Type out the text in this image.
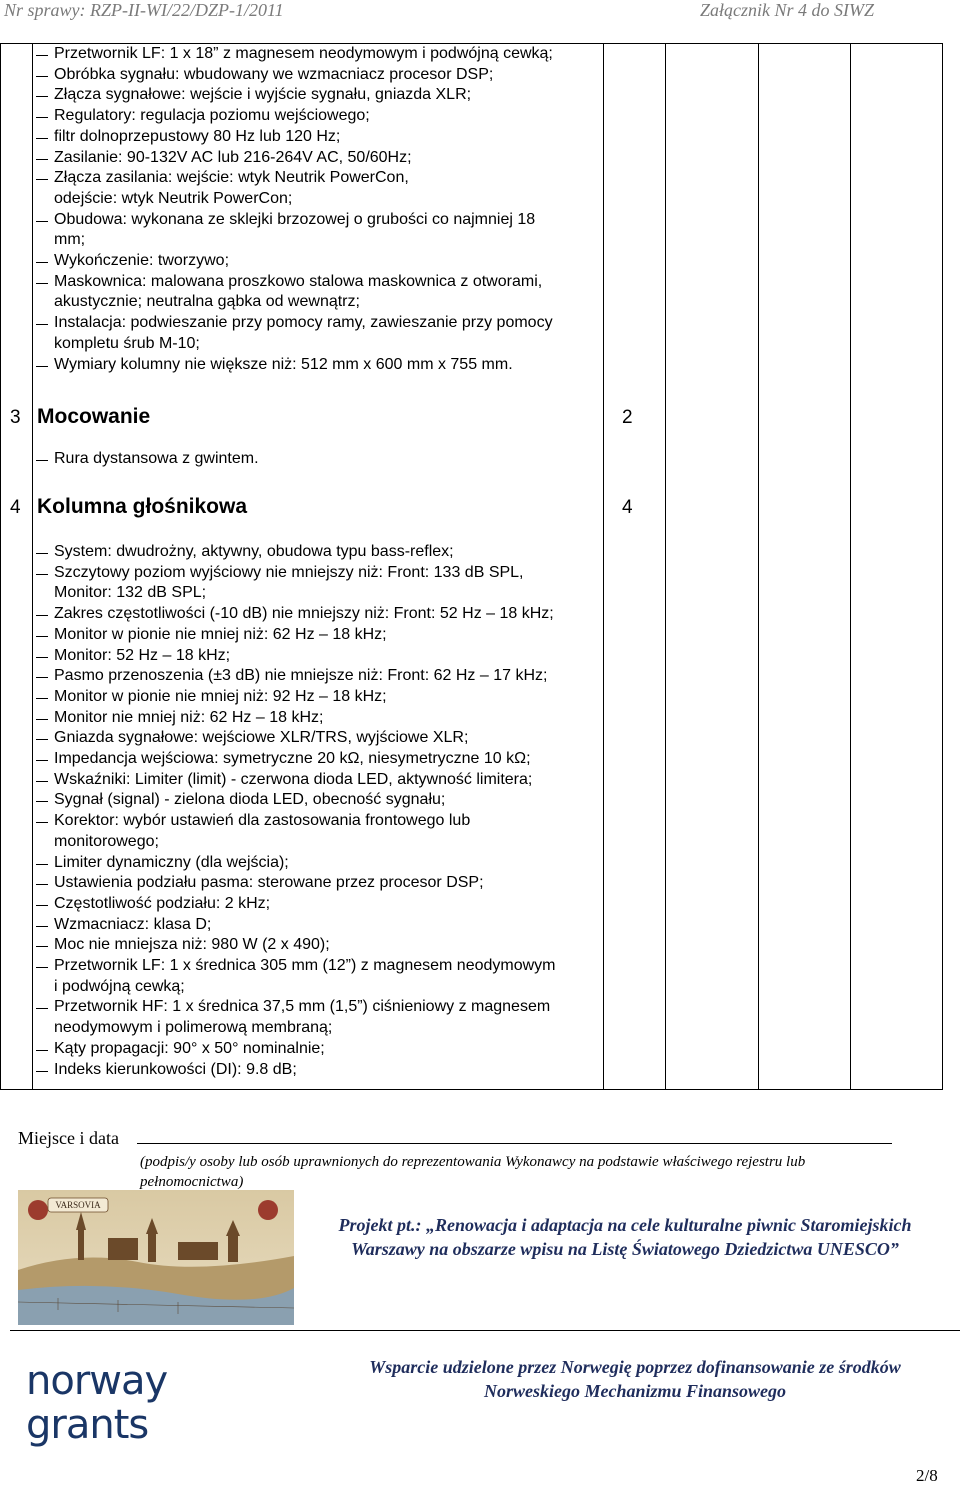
Nr sprawy: RZP-II-WI/22/DZP-1/2011	Załącznik Nr 4 do SIWZ
Przetwornik LF: 1 x 18” z magnesem neodymowym i podwójną cewką;
Obróbka sygnału: wbudowany we wzmacniacz procesor DSP;
Złącza sygnałowe: wejście i wyjście sygnału, gniazda XLR;
Regulatory: regulacja poziomu wejściowego;
filtr dolnoprzepustowy 80 Hz lub 120 Hz;
Zasilanie: 90-132V AC lub 216-264V AC, 50/60Hz;
Złącza zasilania: wejście: wtyk Neutrik PowerCon,
odejście: wtyk Neutrik PowerCon;
Obudowa: wykonana ze sklejki brzozowej o grubości co najmniej 18
mm;
Wykończenie: tworzywo;
Maskownica: malowana proszkowo stalowa maskownica z otworami,
akustycznie; neutralna gąbka od wewnątrz;
Instalacja: podwieszanie przy pomocy ramy, zawieszanie przy pomocy
kompletu śrub M-10;
Wymiary kolumny nie większe niż: 512 mm x 600 mm x 755 mm.
3 Mocowanie	2
Rura dystansowa z gwintem.
4 Kolumna głośnikowa	4
System: dwudrożny, aktywny, obudowa typu bass-reflex;
Szczytowy poziom wyjściowy nie mniejszy niż: Front: 133 dB SPL,
Monitor: 132 dB SPL;
Zakres częstotliwości (-10 dB) nie mniejszy niż: Front: 52 Hz – 18 kHz;
Monitor w pionie nie mniej niż: 62 Hz – 18 kHz;
Monitor: 52 Hz – 18 kHz;
Pasmo przenoszenia (±3 dB) nie mniejsze niż: Front: 62 Hz – 17 kHz;
Monitor w pionie nie mniej niż: 92 Hz – 18 kHz;
Monitor nie mniej niż: 62 Hz – 18 kHz;
Gniazda sygnałowe: wejściowe XLR/TRS, wyjściowe XLR;
Impedancja wejściowa: symetryczne 20 kΩ, niesymetryczne 10 kΩ;
Wskaźniki: Limiter (limit) - czerwona dioda LED, aktywność limitera;
Sygnał (signal) - zielona dioda LED, obecność sygnału;
Korektor: wybór ustawień dla zastosowania frontowego lub
monitorowego;
Limiter dynamiczny (dla wejścia);
Ustawienia podziału pasma: sterowane przez procesor DSP;
Częstotliwość podziału: 2 kHz;
Wzmacniacz: klasa D;
Moc nie mniejsza niż: 980 W (2 x 490);
Przetwornik LF: 1 x średnica 305 mm (12”) z magnesem neodymowym
i podwójną cewką;
Przetwornik HF: 1 x średnica 37,5 mm (1,5”) ciśnieniowy z magnesem
neodymowym i polimerową membraną;
Kąty propagacji: 90° x 50° nominalnie;
Indeks kierunkowości (DI): 9.8 dB;
Miejsce i data
(podpis/y osoby lub osób uprawnionych do reprezentowania Wykonawcy na podstawie właściwego rejestru lub pełnomocnictwa)
VARSOVIA
Projekt pt.: „Renowacja i adaptacja na cele kulturalne piwnic Staromiejskich
Warszawy na obszarze wpisu na Listę Światowego Dziedzictwa UNESCO”
norway
grants
Wsparcie udzielone przez Norwegię poprzez dofinansowanie ze środków
Norweskiego Mechanizmu Finansowego
2/8
